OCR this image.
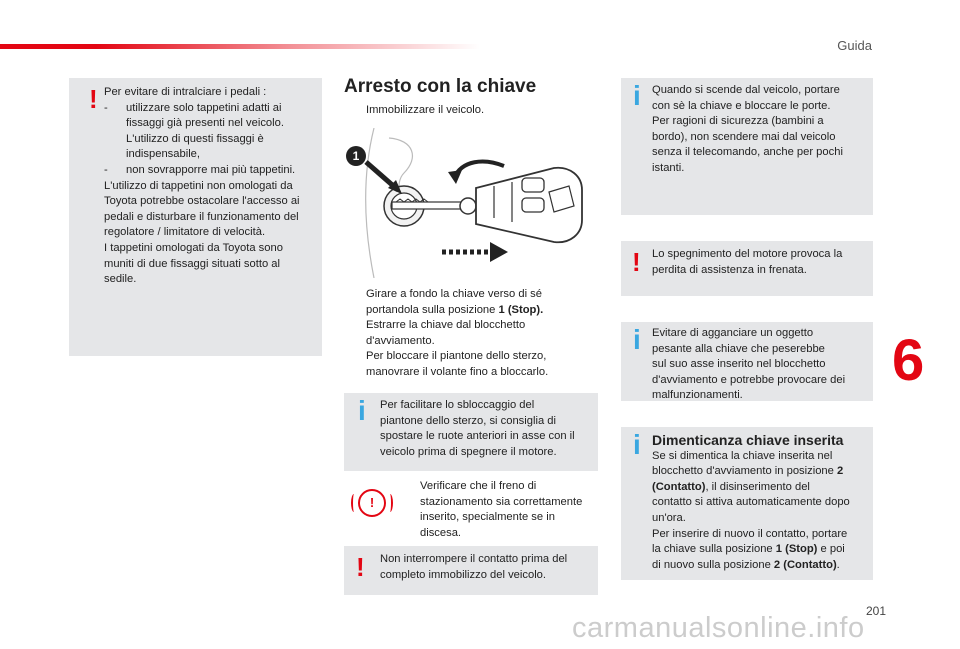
Guida
6
201
carmanualsonline.info
! Per evitare di intralciare i pedali :

- utilizzare solo tappetini adatti ai

fissaggi già presenti nel veicolo.

L'utilizzo di questi fissaggi è

indispensabile,

- non sovrapporre mai più tappetini.

L'utilizzo di tappetini non omologati da

Toyota potrebbe ostacolare l'accesso ai

pedali e disturbare il funzionamento del

regolatore / limitatore di velocità.

I tappetini omologati da Toyota sono

muniti di due fissaggi situati sotto al

sedile.

Arresto con la chiave
Immobilizzare il veicolo.
1

Girare a fondo la chiave verso di sé

portandola sulla posizione 1 (Stop).

Estrarre la chiave dal blocchetto

d'avviamento.

Per bloccare il piantone dello sterzo,

manovrare il volante fino a bloccarlo.

i Per facilitare lo sbloccaggio del

piantone dello sterzo, si consiglia di

spostare le ruote anteriori in asse con il

veicolo prima di spegnere il motore.

!

Verificare che il freno di

stazionamento sia correttamente

inserito, specialmente se in

discesa.

! Non interrompere il contatto prima del

completo immobilizzo del veicolo.

i Quando si scende dal veicolo, portare

con sè la chiave e bloccare le porte.

Per ragioni di sicurezza (bambini a

bordo), non scendere mai dal veicolo

senza il telecomando, anche per pochi

istanti.

! Lo spegnimento del motore provoca la

perdita di assistenza in frenata.

i Evitare di agganciare un oggetto

pesante alla chiave che peserebbe

sul suo asse inserito nel blocchetto

d'avviamento e potrebbe provocare dei

malfunzionamenti.

i Dimenticanza chiave inserita

Se si dimentica la chiave inserita nel

blocchetto d'avviamento in posizione 2

(Contatto), il disinserimento del

contatto si attiva automaticamente dopo

un'ora.

Per inserire di nuovo il contatto, portare

la chiave sulla posizione 1 (Stop) e poi

di nuovo sulla posizione 2 (Contatto).
